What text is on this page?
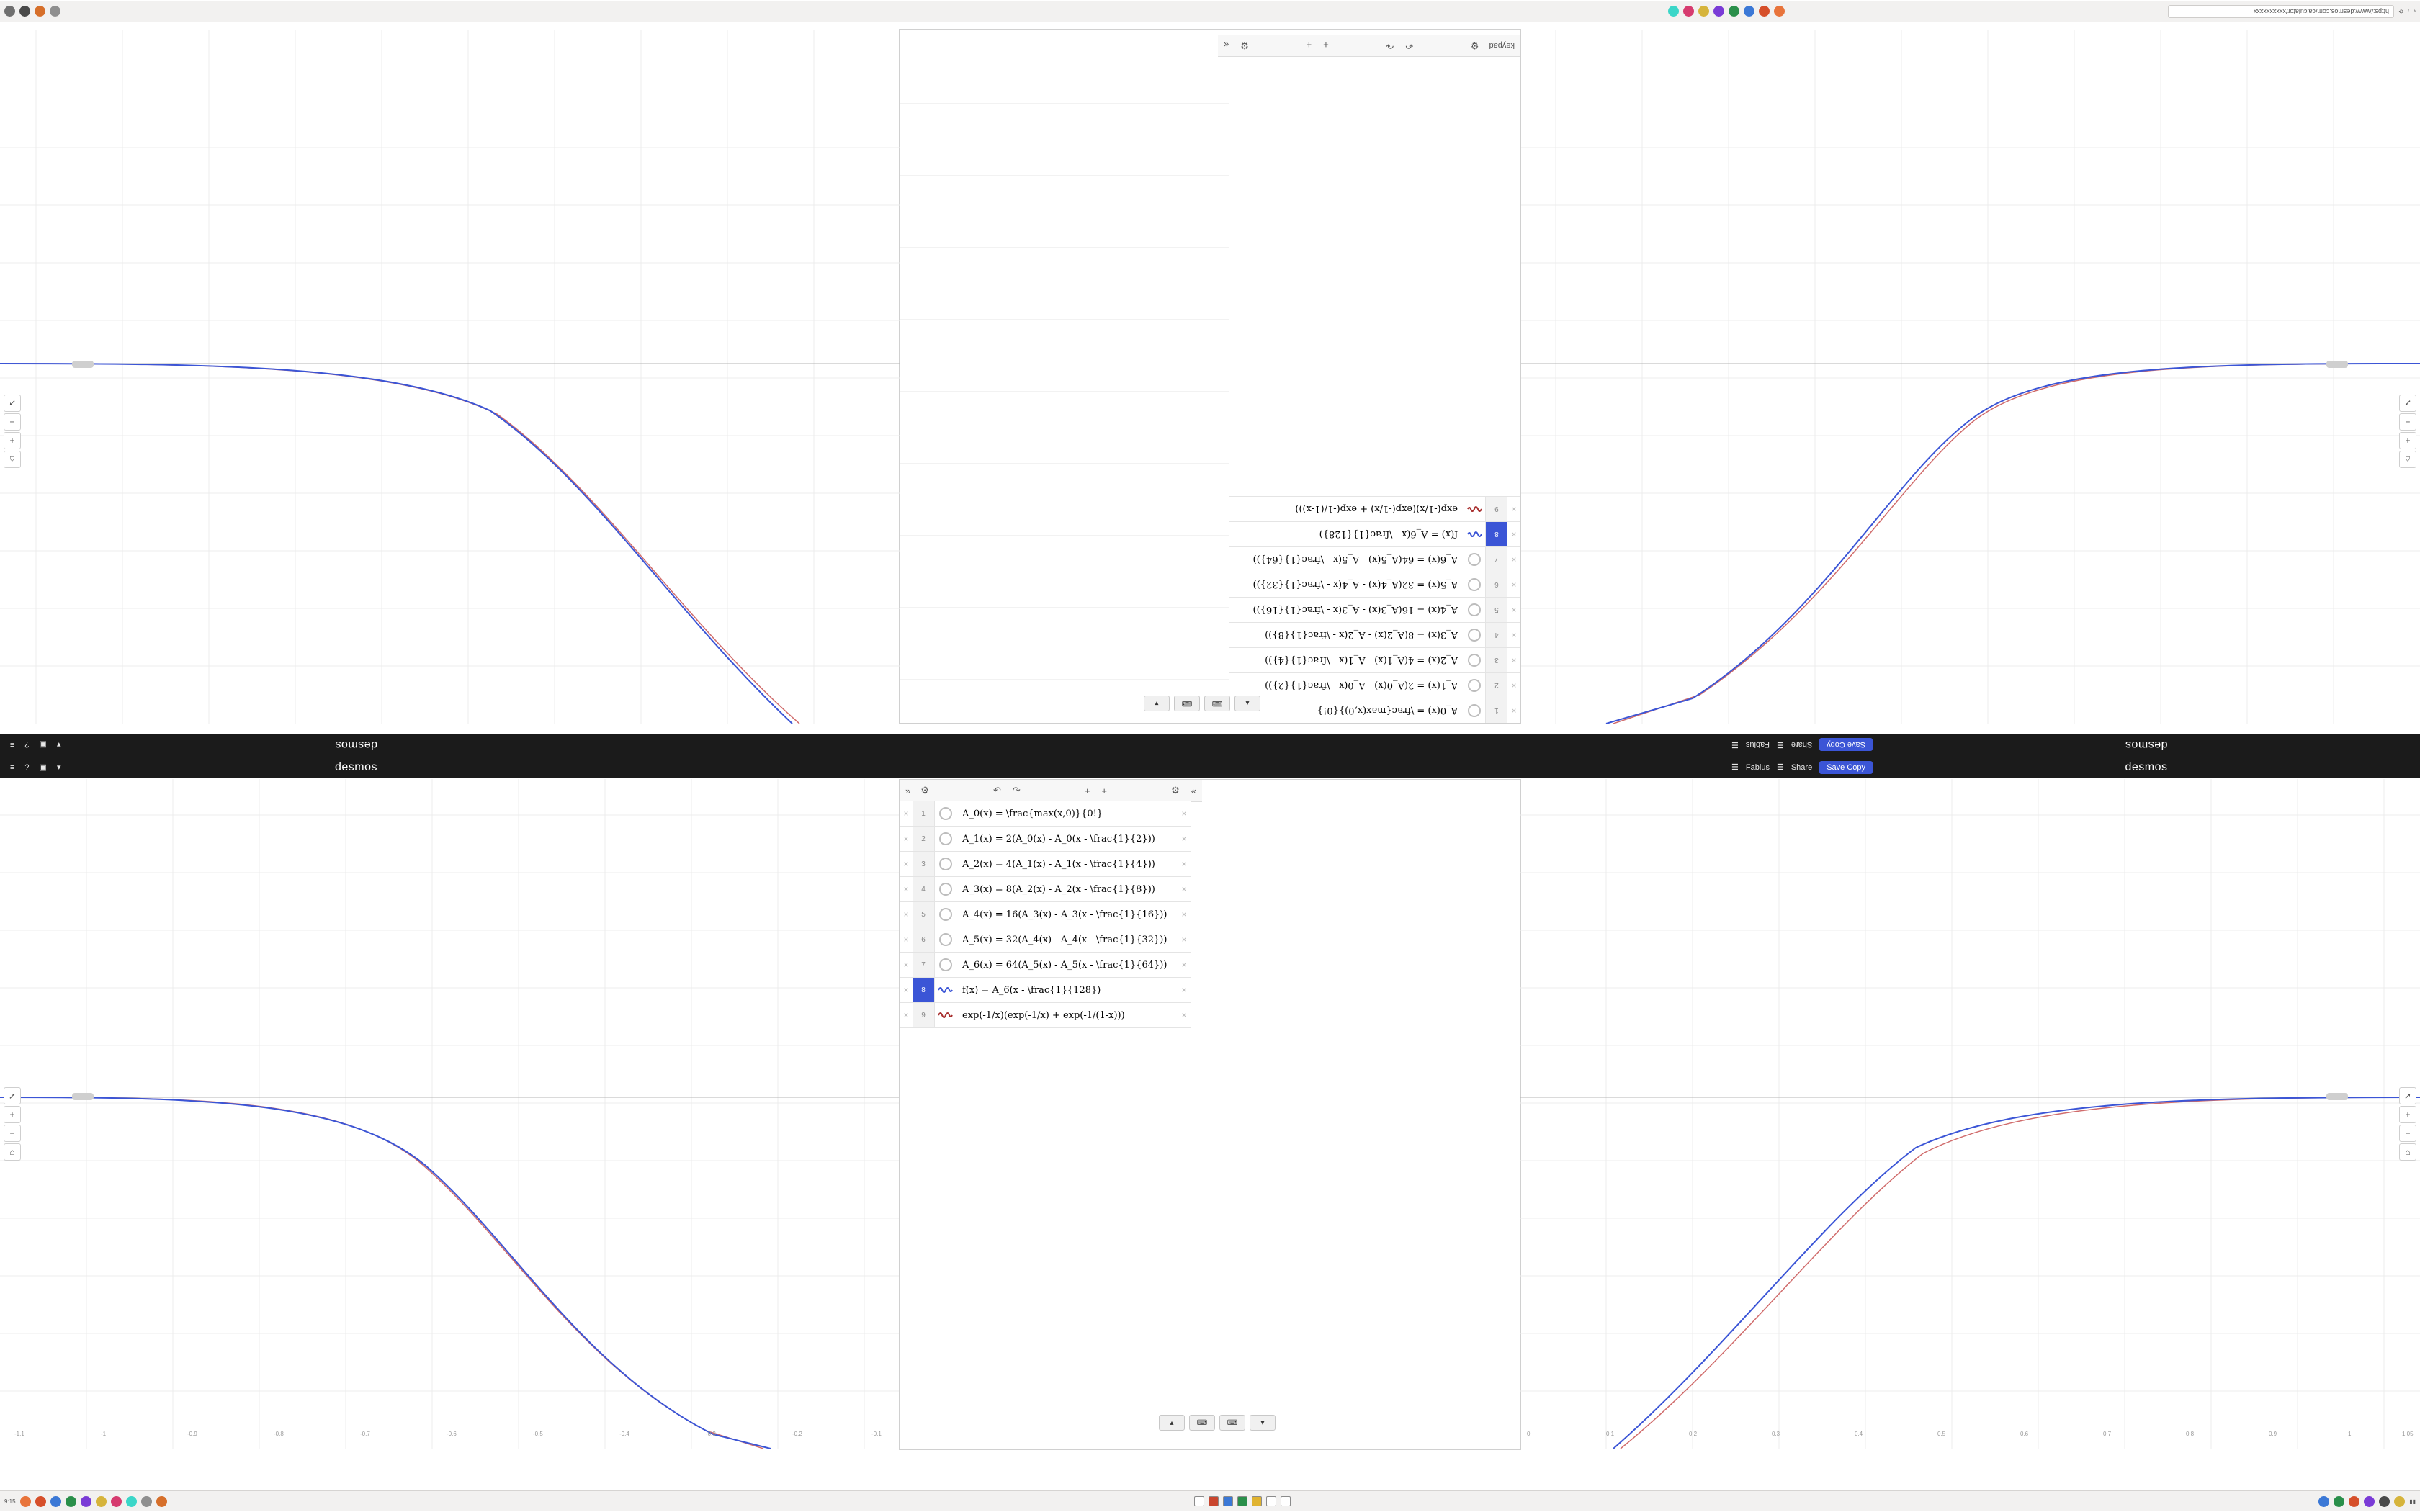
desmos
Save Copy
Share
☰
Fabius
☰
desmos
▾
▣
?
≡
×
1
A_0(x) = \frac{max(x,0)}{0!}
×
2
A_1(x) = 2(A_0(x) - A_0(x - \frac{1}{2}))
×
3
A_2(x) = 4(A_1(x) - A_1(x - \frac{1}{4}))
×
4
A_3(x) = 8(A_2(x) - A_2(x - \frac{1}{8}))
×
5
A_4(x) = 16(A_3(x) - A_3(x - \frac{1}{16}))
×
6
A_5(x) = 32(A_4(x) - A_4(x - \frac{1}{32}))
×
7
A_6(x) = 64(A_5(x) - A_5(x - \frac{1}{64}))
×
8
f(x) = A_6(x - \frac{1}{128})
×
9
exp(-1/x)(exp(-1/x) + exp(-1/(1-x)))
keypad
⚙
↶
↷
+
+
⚙
«
▴
⌨
⌨
▾
⌂
+
−
➚
⌂
+
−
➚
‹
›
⟳
https://www.desmos.com/calculator/xxxxxxxxxx
≡ ? ▣ ▾	desmos	☰ Fabius ☰ Share	Save Copy	desmos
-1.1	-1	-0.9	-0.8	-0.7	-0.6	-0.5	-0.4	-0.3	-0.2	-0.1
» ⚙	↶ ↷	+ +	⚙ «
×	1	A_0(x) = \frac{max(x,0)}{0!}	×
×	2	A_1(x) = 2(A_0(x) - A_0(x - \frac{1}{2}))	×
×	3	A_2(x) = 4(A_1(x) - A_1(x - \frac{1}{4}))	×
×	4	A_3(x) = 8(A_2(x) - A_2(x - \frac{1}{8}))	×
×	5	A_4(x) = 16(A_3(x) - A_3(x - \frac{1}{16}))	×
×	6	A_5(x) = 32(A_4(x) - A_4(x - \frac{1}{32}))	×
×	7	A_6(x) = 64(A_5(x) - A_5(x - \frac{1}{64}))	×
×	8	f(x) = A_6(x - \frac{1}{128})	×
×	9	exp(-1/x)(exp(-1/x) + exp(-1/(1-x)))	×
▴	⌨	⌨	▾
0	0.1	0.2	0.3	0.4	0.5	0.6	0.7	0.8	0.9	1	1.05
➚
+
−
⌂
➚
+
−
⌂
9:15	▮▮
